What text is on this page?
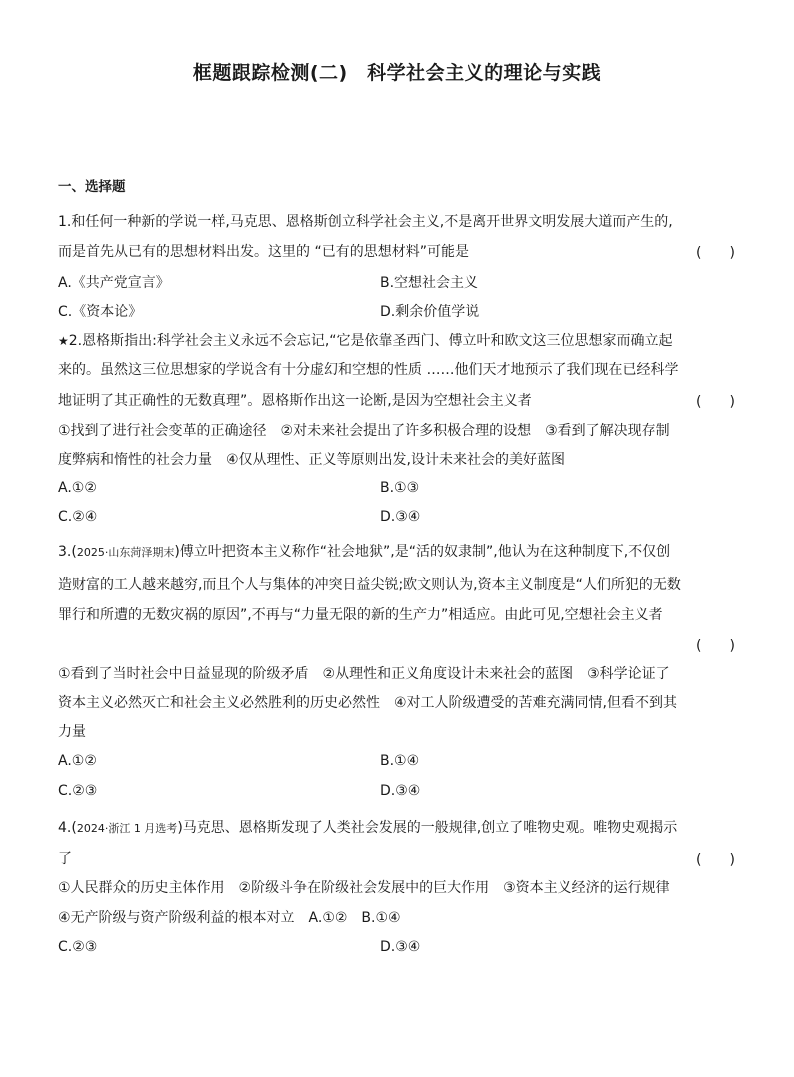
框题跟踪检测(二)　科学社会主义的理论与实践
一、选择题
1.和任何一种新的学说一样,马克思、恩格斯创立科学社会主义,不是离开世界文明发展大道而产生的,
而是首先从已有的思想材料出发。这里的 “已有的思想材料”可能是	(　　)
A.《共产党宣言》	B.空想社会主义
C.《资本论》	D.剩余价值学说
★2.恩格斯指出:科学社会主义永远不会忘记,“它是依靠圣西门、傅立叶和欧文这三位思想家而确立起
来的。虽然这三位思想家的学说含有十分虚幻和空想的性质 ……他们天才地预示了我们现在已经科学
地证明了其正确性的无数真理”。恩格斯作出这一论断,是因为空想社会主义者	(　　)
①找到了进行社会变革的正确途径　②对未来社会提出了许多积极合理的设想　③看到了解决现存制
度弊病和惰性的社会力量　④仅从理性、正义等原则出发,设计未来社会的美好蓝图
A.①②	B.①③
C.②④	D.③④
3.(2025·山东菏泽期末)傅立叶把资本主义称作“社会地狱”,是“活的奴隶制”,他认为在这种制度下,不仅创
造财富的工人越来越穷,而且个人与集体的冲突日益尖锐;欧文则认为,资本主义制度是“人们所犯的无数
罪行和所遭的无数灾祸的原因”,不再与“力量无限的新的生产力”相适应。由此可见,空想社会主义者
(　　)
①看到了当时社会中日益显现的阶级矛盾　②从理性和正义角度设计未来社会的蓝图　③科学论证了
资本主义必然灭亡和社会主义必然胜利的历史必然性　④对工人阶级遭受的苦难充满同情,但看不到其
力量
A.①②	B.①④
C.②③	D.③④
4.(2024·浙江 1 月选考)马克思、恩格斯发现了人类社会发展的一般规律,创立了唯物史观。唯物史观揭示
了	(　　)
①人民群众的历史主体作用　②阶级斗争在阶级社会发展中的巨大作用　③资本主义经济的运行规律
④无产阶级与资产阶级利益的根本对立　A.①②　B.①④
C.②③	D.③④
